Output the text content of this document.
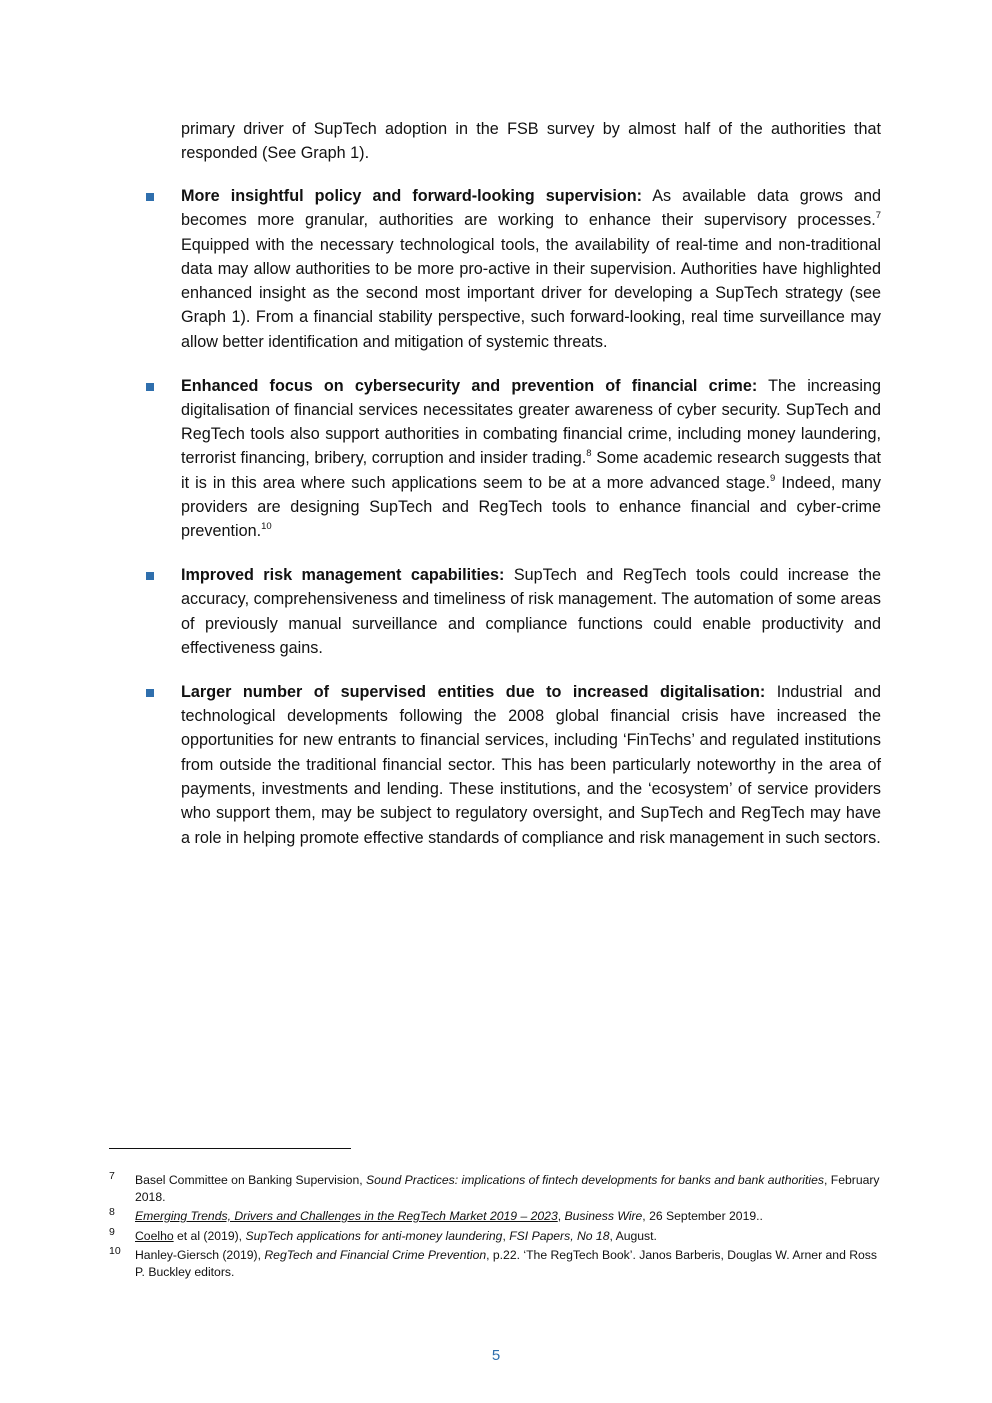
primary driver of SupTech adoption in the FSB survey by almost half of the authorities that responded (See Graph 1).

More insightful policy and forward-looking supervision: As available data grows and becomes more granular, authorities are working to enhance their supervisory processes.$^7$ Equipped with the necessary technological tools, the availability of real-time and non-traditional data may allow authorities to be more pro-active in their supervision. Authorities have highlighted enhanced insight as the second most important driver for developing a SupTech strategy (see Graph 1). From a financial stability perspective, such forward-looking, real time surveillance may allow better identification and mitigation of systemic threats.

Enhanced focus on cybersecurity and prevention of financial crime: The increasing digitalisation of financial services necessitates greater awareness of cyber security. SupTech and RegTech tools also support authorities in combating financial crime, including money laundering, terrorist financing, bribery, corruption and insider trading.$^8$ Some academic research suggests that it is in this area where such applications seem to be at a more advanced stage.$^9$ Indeed, many providers are designing SupTech and RegTech tools to enhance financial and cyber-crime prevention.$^{10}$

Improved risk management capabilities: SupTech and RegTech tools could increase the accuracy, comprehensiveness and timeliness of risk management. The automation of some areas of previously manual surveillance and compliance functions could enable productivity and effectiveness gains.

Larger number of supervised entities due to increased digitalisation: Industrial and technological developments following the 2008 global financial crisis have increased the opportunities for new entrants to financial services, including ‘FinTechs’ and regulated institutions from outside the traditional financial sector. This has been particularly noteworthy in the area of payments, investments and lending. These institutions, and the ‘ecosystem’ of service providers who support them, may be subject to regulatory oversight, and SupTech and RegTech may have a role in helping promote effective standards of compliance and risk management in such sectors.

7 Basel Committee on Banking Supervision, Sound Practices: implications of fintech developments for banks and bank authorities, February 2018.
8 Emerging Trends, Drivers and Challenges in the RegTech Market 2019 – 2023, Business Wire, 26 September 2019..
9 Coelho et al (2019), SupTech applications for anti-money laundering, FSI Papers, No 18, August.
10 Hanley-Giersch (2019), RegTech and Financial Crime Prevention, p.22. ‘The RegTech Book’. Janos Barberis, Douglas W. Arner and Ross P. Buckley editors.
5
